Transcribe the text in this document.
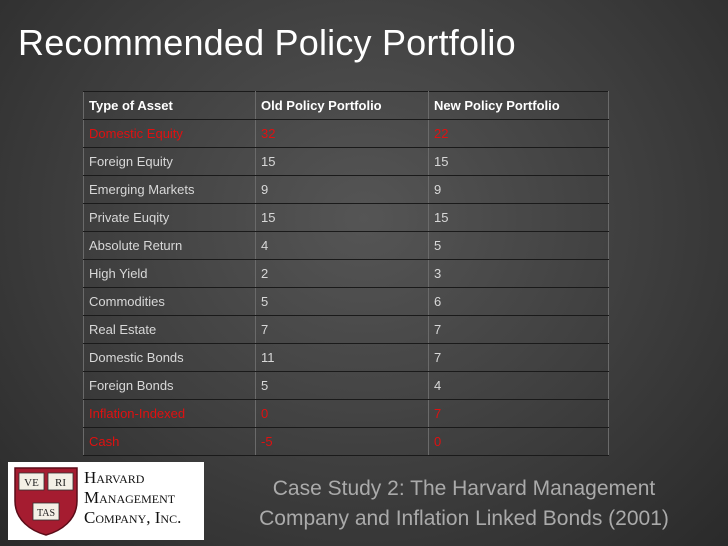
Recommended Policy Portfolio
Type of Asset	Old Policy Portfolio	New Policy Portfolio
Domestic Equity	32	22
Foreign Equity	15	15
Emerging Markets	9	9
Private Euqity	15	15
Absolute Return	4	5
High Yield	2	3
Commodities	5	6
Real Estate	7	7
Domestic Bonds	11	7
Foreign Bonds	5	4
Inflation-Indexed	0	7
Cash	-5	0
VE RI
TAS
Harvard
Management
Company, Inc.
Case Study 2: The Harvard Management
Company and Inflation Linked Bonds (2001)
